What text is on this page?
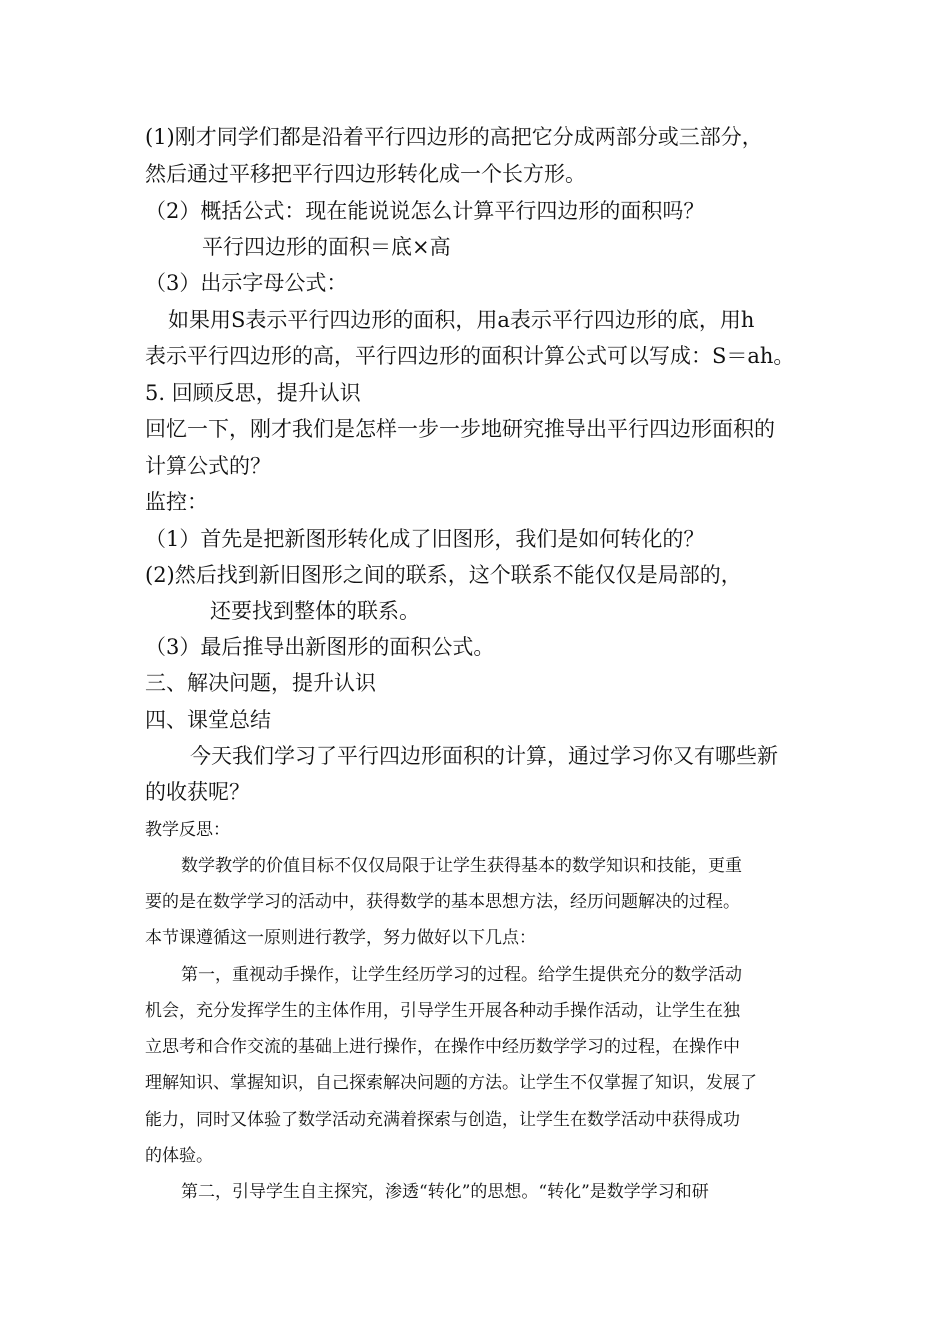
(1)刚才同学们都是沿着平行四边形的高把它分成两部分或三部分，
然后通过平移把平行四边形转化成一个长方形。
（2）概括公式：现在能说说怎么计算平行四边形的面积吗？
平行四边形的面积＝底×高
（3）出示字母公式：
如果用S表示平行四边形的面积，用a表示平行四边形的底，用h
表示平行四边形的高，平行四边形的面积计算公式可以写成：S＝ah。
5. 回顾反思，提升认识
回忆一下，刚才我们是怎样一步一步地研究推导出平行四边形面积的
计算公式的？
监控：
（1）首先是把新图形转化成了旧图形，我们是如何转化的？
(2)然后找到新旧图形之间的联系，这个联系不能仅仅是局部的，
还要找到整体的联系。
（3）最后推导出新图形的面积公式。
三、解决问题，提升认识
四、课堂总结
今天我们学习了平行四边形面积的计算，通过学习你又有哪些新
的收获呢？
教学反思：
数学教学的价值目标不仅仅局限于让学生获得基本的数学知识和技能，更重
要的是在数学学习的活动中，获得数学的基本思想方法，经历问题解决的过程。
本节课遵循这一原则进行教学，努力做好以下几点：
第一，重视动手操作，让学生经历学习的过程。给学生提供充分的数学活动
机会，充分发挥学生的主体作用，引导学生开展各种动手操作活动，让学生在独
立思考和合作交流的基础上进行操作，在操作中经历数学学习的过程，在操作中
理解知识、掌握知识，自己探索解决问题的方法。让学生不仅掌握了知识，发展了
能力，同时又体验了数学活动充满着探索与创造，让学生在数学活动中获得成功
的体验。
第二，引导学生自主探究，渗透“转化”的思想。“转化”是数学学习和研
